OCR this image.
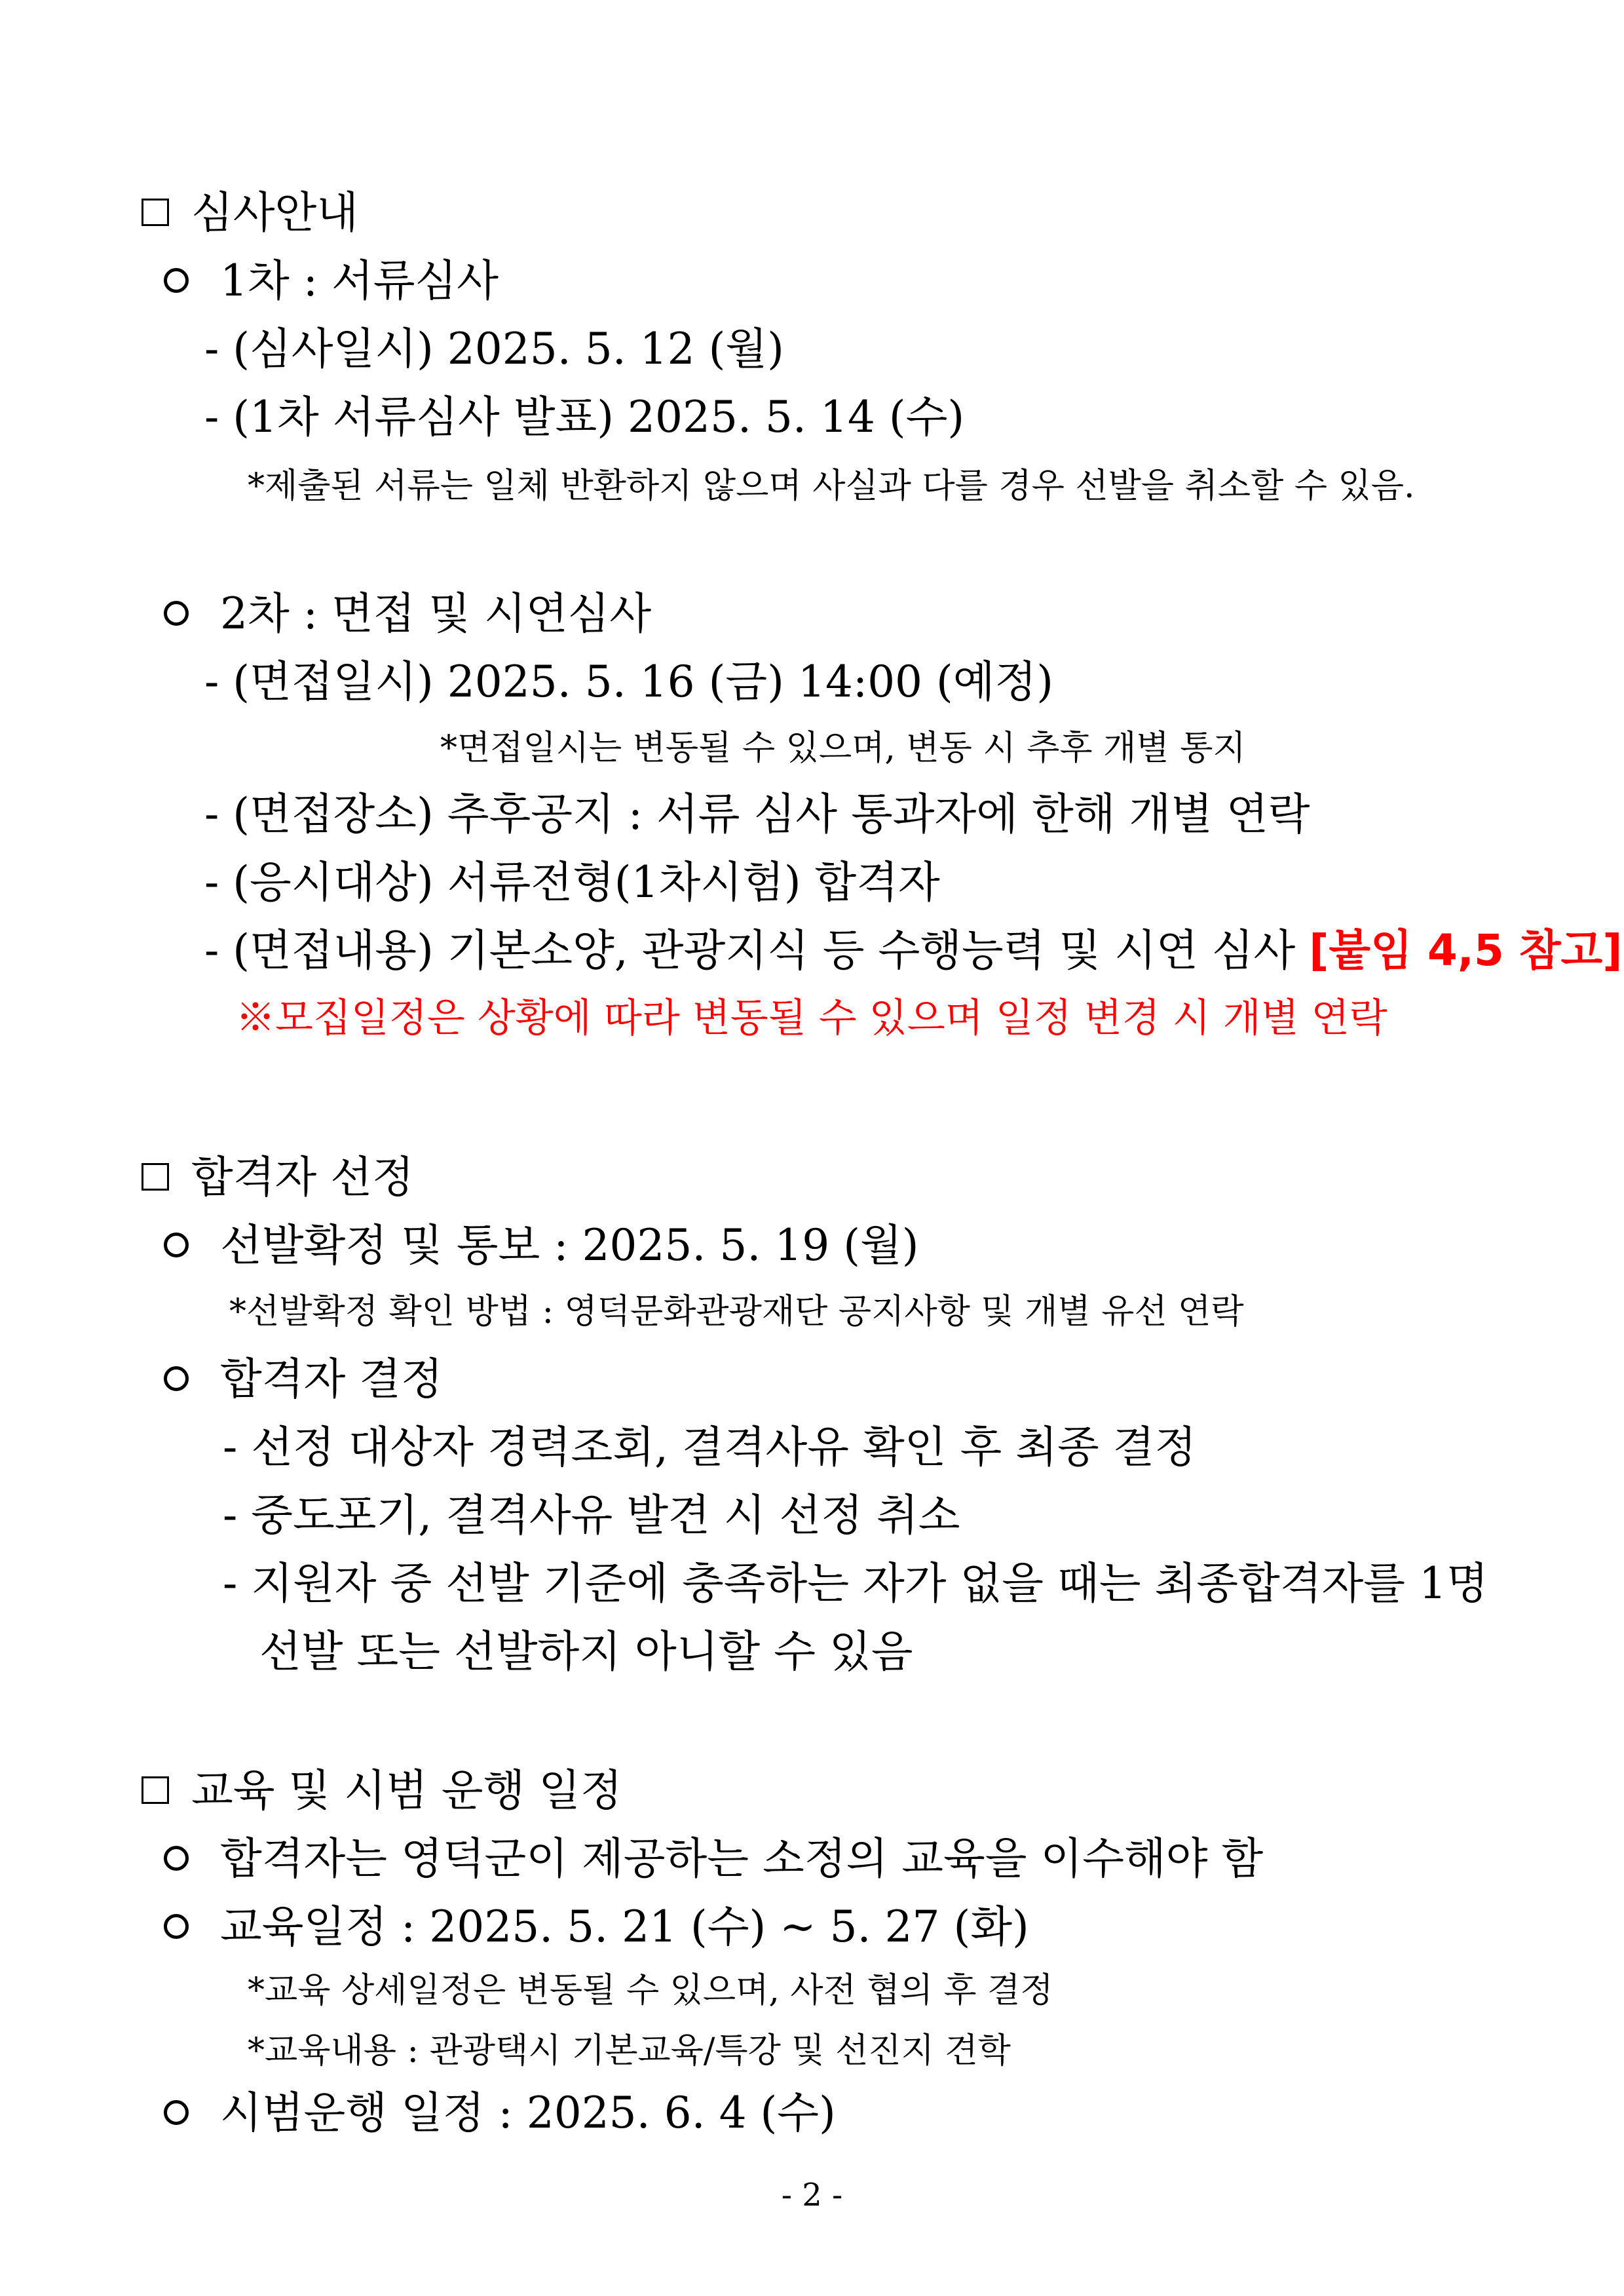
심사안내
1차 : 서류심사
- (심사일시) 2025. 5. 12 (월)
- (1차 서류심사 발표) 2025. 5. 14 (수)
*제출된 서류는 일체 반환하지 않으며 사실과 다를 경우 선발을 취소할 수 있음.
2차 : 면접 및 시연심사
- (면접일시) 2025. 5. 16 (금) 14:00 (예정)
*면접일시는 변동될 수 있으며, 변동 시 추후 개별 통지
- (면접장소) 추후공지 : 서류 심사 통과자에 한해 개별 연락
- (응시대상) 서류전형(1차시험) 합격자
- (면접내용) 기본소양, 관광지식 등 수행능력 및 시연 심사 [붙임 4,5 참고]
※모집일정은 상황에 따라 변동될 수 있으며 일정 변경 시 개별 연락
합격자 선정
선발확정 및 통보 : 2025. 5. 19 (월)
*선발확정 확인 방법 : 영덕문화관광재단 공지사항 및 개별 유선 연락
합격자 결정
- 선정 대상자 경력조회, 결격사유 확인 후 최종 결정
- 중도포기, 결격사유 발견 시 선정 취소
- 지원자 중 선발 기준에 충족하는 자가 없을 때는 최종합격자를 1명
선발 또는 선발하지 아니할 수 있음
교육 및 시범 운행 일정
합격자는 영덕군이 제공하는 소정의 교육을 이수해야 함
교육일정 : 2025. 5. 21 (수) ~ 5. 27 (화)
*교육 상세일정은 변동될 수 있으며, 사전 협의 후 결정
*교육내용 : 관광택시 기본교육/특강 및 선진지 견학
시범운행 일정 : 2025. 6. 4 (수)
- 2 -
